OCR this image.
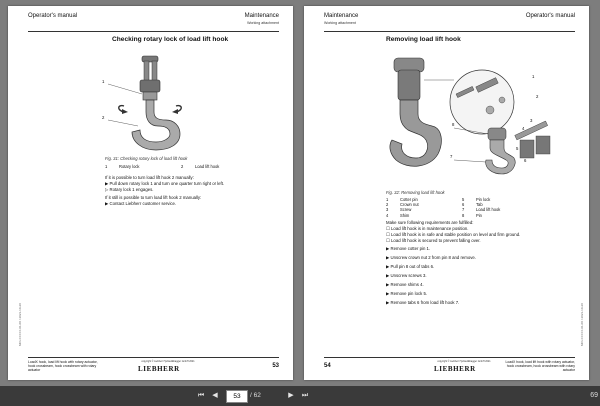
Operator's manual	Maintenance
Working attachment
Checking rotary lock of load lift hook
1
2
Fig. 31: Checking rotary lock of load lift hook
1	Rotary lock	2	Load lift hook
If it is possible to turn load lift hook 2 manually:
▶ Pull down rotary lock 1 and turn one quarter turn right or left.
▷ Rotary lock 1 engages.
If it still is possible to turn load lift hook 2 manually:
▶ Contact Liebherr customer service.
MCLXXXXX-01-00 / 2021-10-20
LoadX hook, load lift hook with rotary actuator, hook crossbeam, hook crossbeam with rotary actuator
copyright © Liebherr Hydraulikbagger GmbH 2021
LIEBHERR	53
Maintenance	Operator's manual
Working attachment
Removing load lift hook
1
2
3
4
5
6
7
8
Fig. 32: Removing load lift hook
1	Cotter pin	5	Pin lock
2	Crown nut	6	Tab
3	Screw	7	Load lift hook
4	Shim	8	Pin
Make sure following requirements are fulfilled:
☐ Load lift hook is in maintenance position.
☐ Load lift hook is in safe and stable position on level and firm ground.
☐ Load lift hook is secured to prevent falling over.
▶ Remove cotter pin 1.
▶ Unscrew crown nut 2 from pin 8 and remove.
▶ Pull pin 8 out of tabs 6.
▶ Unscrew screws 3.
▶ Remove shims 4.
▶ Remove pin lock 5.
▶ Remove tabs 6 from load lift hook 7.
MCLXXXXX-01-00 / 2021-10-20
54
copyright © Liebherr Hydraulikbagger GmbH 2021
LIEBHERR
LoadX hook, load lift hook with rotary actuator, hook crossbeam, hook crossbeam with rotary actuator
⏮	◀	53	/ 62	▶	⏭	69
